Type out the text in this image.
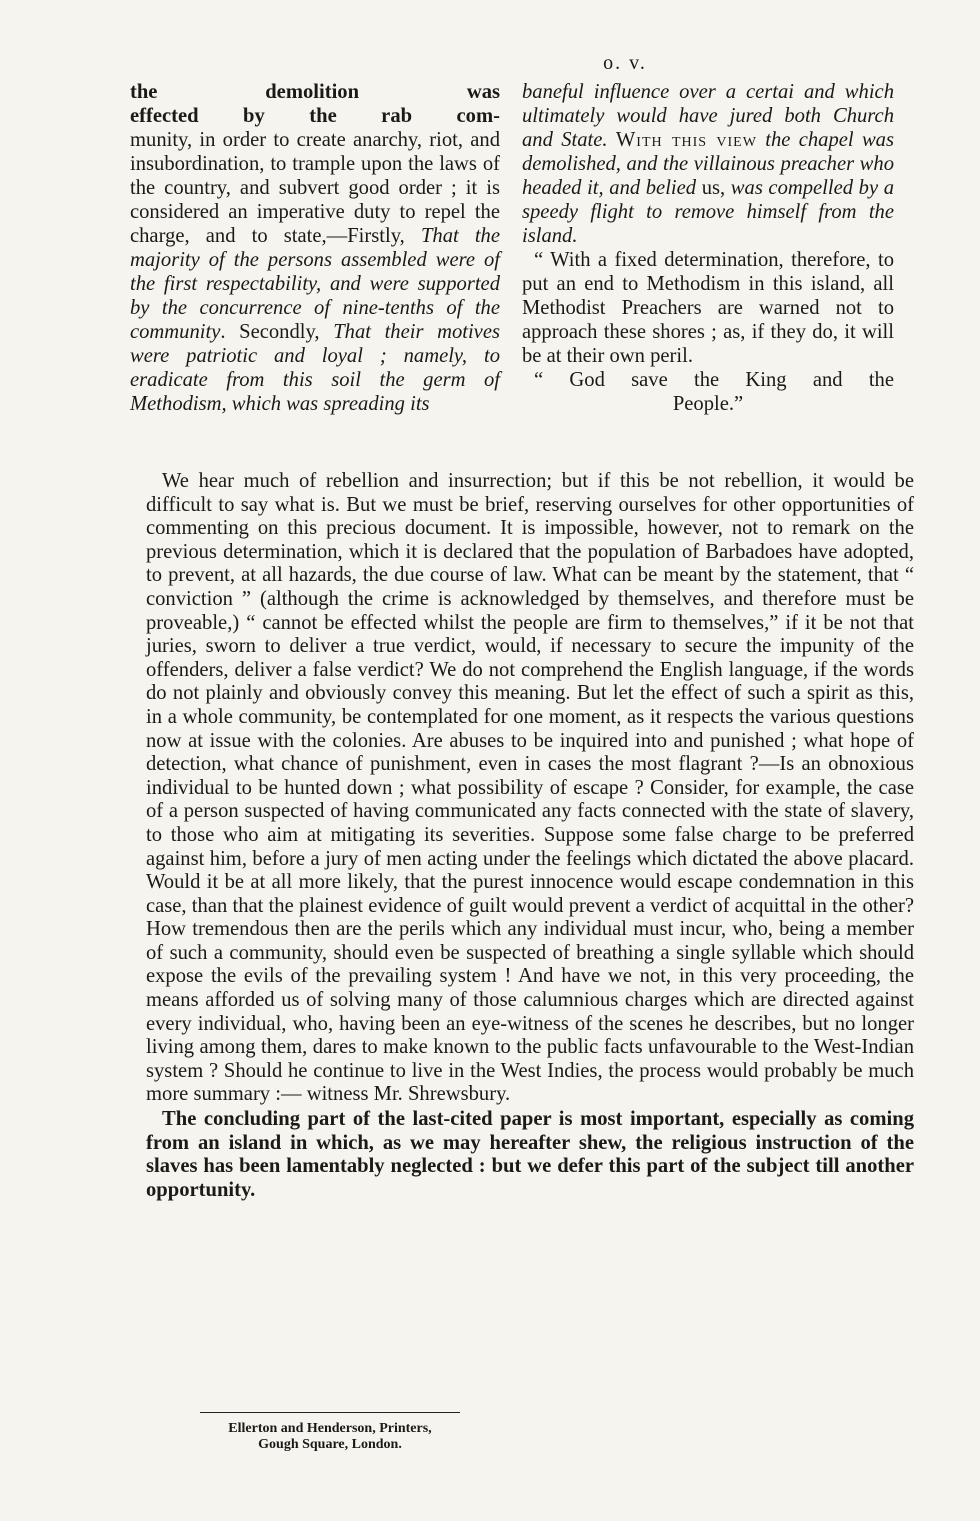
o. v.

the demolition was
effected by the rab com-
munity, in order to create anarchy, riot, and insubordination, to trample upon the laws of the country, and subvert good order ; it is considered an imperative duty to repel the charge, and to state,—Firstly, That the majority of the persons assembled were of the first respectability, and were supported by the concurrence of nine-tenths of the community. Secondly, That their motives were patriotic and loyal ; namely, to eradicate from this soil the germ of Methodism, which was spreading its

baneful influence over a certai and which ultimately would have jured both Church and State. With this view the chapel was demolished, and the villainous preacher who headed it, and belied us, was compelled by a speedy flight to remove himself from the island.

“ With a fixed determination, therefore, to put an end to Methodism in this island, all Methodist Preachers are warned not to approach these shores ; as, if they do, it will be at their own peril.

“ God save the King and the

People.”

We hear much of rebellion and insurrection; but if this be not rebellion, it would be difficult to say what is. But we must be brief, reserving ourselves for other opportunities of commenting on this precious document. It is impossible, however, not to remark on the previous determination, which it is declared that the population of Barbadoes have adopted, to prevent, at all hazards, the due course of law. What can be meant by the statement, that “ conviction ” (although the crime is acknowledged by themselves, and therefore must be proveable,) “ cannot be effected whilst the people are firm to themselves,” if it be not that juries, sworn to deliver a true verdict, would, if necessary to secure the impunity of the offenders, deliver a false verdict? We do not comprehend the English language, if the words do not plainly and obviously convey this meaning. But let the effect of such a spirit as this, in a whole community, be contemplated for one moment, as it respects the various questions now at issue with the colonies. Are abuses to be inquired into and punished ; what hope of detection, what chance of punishment, even in cases the most flagrant ?—Is an obnoxious individual to be hunted down ; what possibility of escape ? Consider, for example, the case of a person suspected of having communicated any facts connected with the state of slavery, to those who aim at mitigating its severities. Suppose some false charge to be preferred against him, before a jury of men acting under the feelings which dictated the above placard. Would it be at all more likely, that the purest innocence would escape condemnation in this case, than that the plainest evidence of guilt would prevent a verdict of acquittal in the other? How tremendous then are the perils which any individual must incur, who, being a member of such a community, should even be suspected of breathing a single syllable which should expose the evils of the prevailing system ! And have we not, in this very proceeding, the means afforded us of solving many of those calumnious charges which are directed against every individual, who, having been an eye-witness of the scenes he describes, but no longer living among them, dares to make known to the public facts unfavourable to the West-Indian system ? Should he continue to live in the West Indies, the process would probably be much more summary :— witness Mr. Shrewsbury.

The concluding part of the last-cited paper is most important, especially as coming from an island in which, as we may hereafter shew, the religious instruction of the slaves has been lamentably neglected : but we defer this part of the subject till another opportunity.

Ellerton and Henderson, Printers,
Gough Square, London.
